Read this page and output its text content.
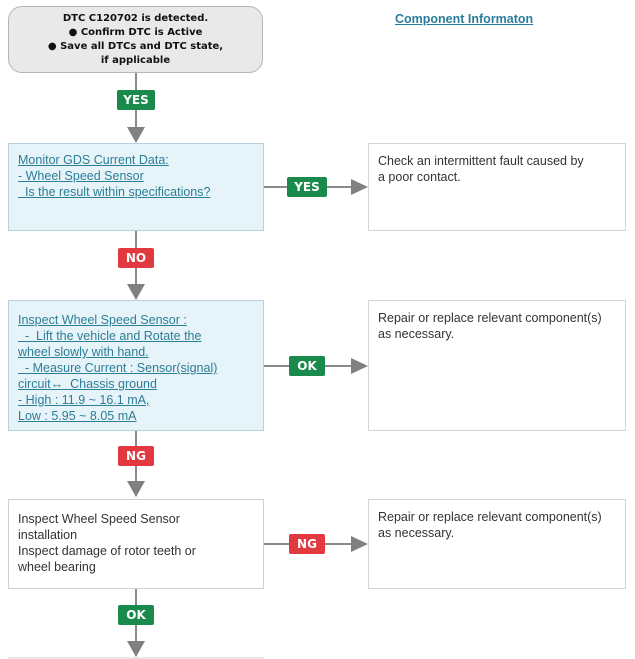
DTC C120702 is detected.
● Confirm DTC is Active
● Save all DTCs and DTC state,
if applicable
Component Informaton
Monitor GDS Current Data:
- Wheel Speed Sensor
Is the result within specifications?
Inspect Wheel Speed Sensor :
-  Lift the vehicle and Rotate the
wheel slowly with hand.
- Measure Current : Sensor(signal)
circuit↔  Chassis ground
- High : 11.9 ~ 16.1 mA,
Low : 5.95 ~ 8.05 mA
Inspect Wheel Speed Sensor
installation
Inspect damage of rotor teeth or
wheel bearing
Check an intermittent fault caused by
a poor contact.
Repair or replace relevant component(s)
as necessary.
Repair or replace relevant component(s)
as necessary.
YES
YES
NO
OK
NG
NG
OK
